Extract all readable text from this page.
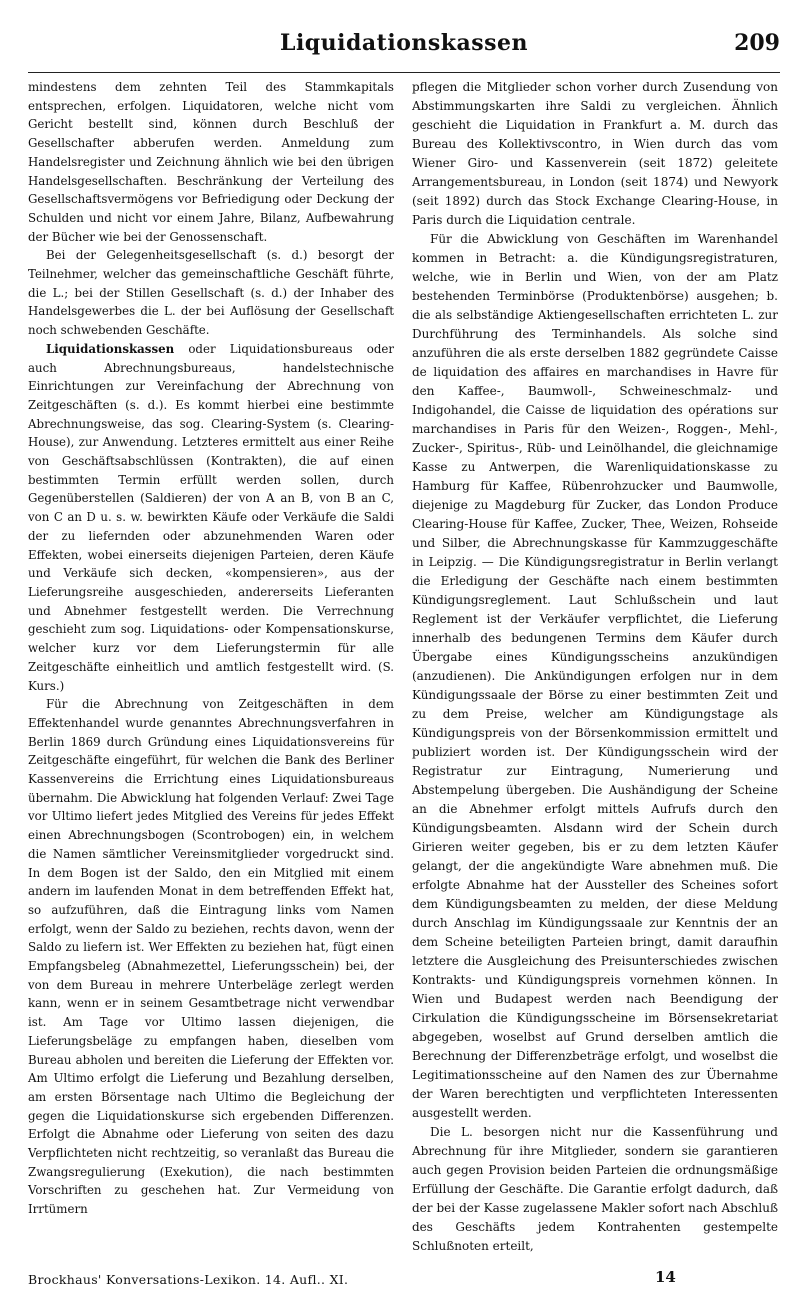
Liquidationskassen	209

mindestens dem zehnten Teil des Stammkapitals entsprechen, erfolgen. Liquidatoren, welche nicht vom Gericht bestellt sind, können durch Beschluß der Gesellschafter abberufen werden. Anmeldung zum Handelsregister und Zeichnung ähnlich wie bei den übrigen Handelsgesellschaften. Beschränkung der Verteilung des Gesellschaftsvermögens vor Befriedigung oder Deckung der Schulden und nicht vor einem Jahre, Bilanz, Aufbewahrung der Bücher wie bei der Genossenschaft.

Bei der Gelegenheitsgesellschaft (s. d.) besorgt der Teilnehmer, welcher das gemeinschaftliche Geschäft führte, die L.; bei der Stillen Gesellschaft (s. d.) der Inhaber des Handelsgewerbes die L. der bei Auflösung der Gesellschaft noch schwebenden Geschäfte.

Liquidationskassen oder Liquidationsbureaus oder auch Abrechnungsbureaus, handelstechnische Einrichtungen zur Vereinfachung der Abrechnung von Zeitgeschäften (s. d.). Es kommt hierbei eine bestimmte Abrechnungsweise, das sog. Clearing-System (s. Clearing-House), zur Anwendung. Letzteres ermittelt aus einer Reihe von Geschäftsabschlüssen (Kontrakten), die auf einen bestimmten Termin erfüllt werden sollen, durch Gegenüberstellen (Saldieren) der von A an B, von B an C, von C an D u. s. w. bewirkten Käufe oder Verkäufe die Saldi der zu liefernden oder abzunehmenden Waren oder Effekten, wobei einerseits diejenigen Parteien, deren Käufe und Verkäufe sich decken, «kompensieren», aus der Lieferungsreihe ausgeschieden, andererseits Lieferanten und Abnehmer festgestellt werden. Die Verrechnung geschieht zum sog. Liquidations- oder Kompensationskurse, welcher kurz vor dem Lieferungstermin für alle Zeitgeschäfte einheitlich und amtlich festgestellt wird. (S. Kurs.)

Für die Abrechnung von Zeitgeschäften in dem Effektenhandel wurde genanntes Abrechnungsverfahren in Berlin 1869 durch Gründung eines Liquidationsvereins für Zeitgeschäfte eingeführt, für welchen die Bank des Berliner Kassenvereins die Errichtung eines Liquidationsbureaus übernahm. Die Abwicklung hat folgenden Verlauf: Zwei Tage vor Ultimo liefert jedes Mitglied des Vereins für jedes Effekt einen Abrechnungsbogen (Scontrobogen) ein, in welchem die Namen sämtlicher Vereinsmitglieder vorgedruckt sind. In dem Bogen ist der Saldo, den ein Mitglied mit einem andern im laufenden Monat in dem betreffenden Effekt hat, so aufzuführen, daß die Eintragung links vom Namen erfolgt, wenn der Saldo zu beziehen, rechts davon, wenn der Saldo zu liefern ist. Wer Effekten zu beziehen hat, fügt einen Empfangsbeleg (Abnahmezettel, Lieferungsschein) bei, der von dem Bureau in mehrere Unterbeläge zerlegt werden kann, wenn er in seinem Gesamtbetrage nicht verwendbar ist. Am Tage vor Ultimo lassen diejenigen, die Lieferungsbeläge zu empfangen haben, dieselben vom Bureau abholen und bereiten die Lieferung der Effekten vor. Am Ultimo erfolgt die Lieferung und Bezahlung derselben, am ersten Börsentage nach Ultimo die Begleichung der gegen die Liquidationskurse sich ergebenden Differenzen. Erfolgt die Abnahme oder Lieferung von seiten des dazu Verpflichteten nicht rechtzeitig, so veranlaßt das Bureau die Zwangsregulierung (Exekution), die nach bestimmten Vorschriften zu geschehen hat. Zur Vermeidung von Irrtümern

pflegen die Mitglieder schon vorher durch Zusendung von Abstimmungskarten ihre Saldi zu vergleichen. Ähnlich geschieht die Liquidation in Frankfurt a. M. durch das Bureau des Kollektivscontro, in Wien durch das vom Wiener Giro- und Kassenverein (seit 1872) geleitete Arrangementsbureau, in London (seit 1874) und Newyork (seit 1892) durch das Stock Exchange Clearing-House, in Paris durch die Liquidation centrale.

Für die Abwicklung von Geschäften im Warenhandel kommen in Betracht: a. die Kündigungsregistraturen, welche, wie in Berlin und Wien, von der am Platz bestehenden Terminbörse (Produktenbörse) ausgehen; b. die als selbständige Aktiengesellschaften errichteten L. zur Durchführung des Terminhandels. Als solche sind anzuführen die als erste derselben 1882 gegründete Caisse de liquidation des affaires en marchandises in Havre für den Kaffee-, Baumwoll-, Schweineschmalz- und Indigohandel, die Caisse de liquidation des opérations sur marchandises in Paris für den Weizen-, Roggen-, Mehl-, Zucker-, Spiritus-, Rüb- und Leinölhandel, die gleichnamige Kasse zu Antwerpen, die Warenliquidationskasse zu Hamburg für Kaffee, Rübenrohzucker und Baumwolle, diejenige zu Magdeburg für Zucker, das London Produce Clearing-House für Kaffee, Zucker, Thee, Weizen, Rohseide und Silber, die Abrechnungskasse für Kammzuggeschäfte in Leipzig. — Die Kündigungsregistratur in Berlin verlangt die Erledigung der Geschäfte nach einem bestimmten Kündigungsreglement. Laut Schlußschein und laut Reglement ist der Verkäufer verpflichtet, die Lieferung innerhalb des bedungenen Termins dem Käufer durch Übergabe eines Kündigungsscheins anzukündigen (anzudienen). Die Ankündigungen erfolgen nur in dem Kündigungssaale der Börse zu einer bestimmten Zeit und zu dem Preise, welcher am Kündigungstage als Kündigungspreis von der Börsenkommission ermittelt und publiziert worden ist. Der Kündigungsschein wird der Registratur zur Eintragung, Numerierung und Abstempelung übergeben. Die Aushändigung der Scheine an die Abnehmer erfolgt mittels Aufrufs durch den Kündigungsbeamten. Alsdann wird der Schein durch Girieren weiter gegeben, bis er zu dem letzten Käufer gelangt, der die angekündigte Ware abnehmen muß. Die erfolgte Abnahme hat der Aussteller des Scheines sofort dem Kündigungsbeamten zu melden, der diese Meldung durch Anschlag im Kündigungssaale zur Kenntnis der an dem Scheine beteiligten Parteien bringt, damit daraufhin letztere die Ausgleichung des Preisunterschiedes zwischen Kontrakts- und Kündigungspreis vornehmen können. In Wien und Budapest werden nach Beendigung der Cirkulation die Kündigungsscheine im Börsensekretariat abgegeben, woselbst auf Grund derselben amtlich die Berechnung der Differenzbeträge erfolgt, und woselbst die Legitimationsscheine auf den Namen des zur Übernahme der Waren berechtigten und verpflichteten Interessenten ausgestellt werden.

Die L. besorgen nicht nur die Kassenführung und Abrechnung für ihre Mitglieder, sondern sie garantieren auch gegen Provision beiden Parteien die ordnungsmäßige Erfüllung der Geschäfte. Die Garantie erfolgt dadurch, daß der bei der Kasse zugelassene Makler sofort nach Abschluß des Geschäfts jedem Kontrahenten gestempelte Schlußnoten erteilt,

Brockhaus' Konversations-Lexikon. 14. Aufl.. XI.	14
